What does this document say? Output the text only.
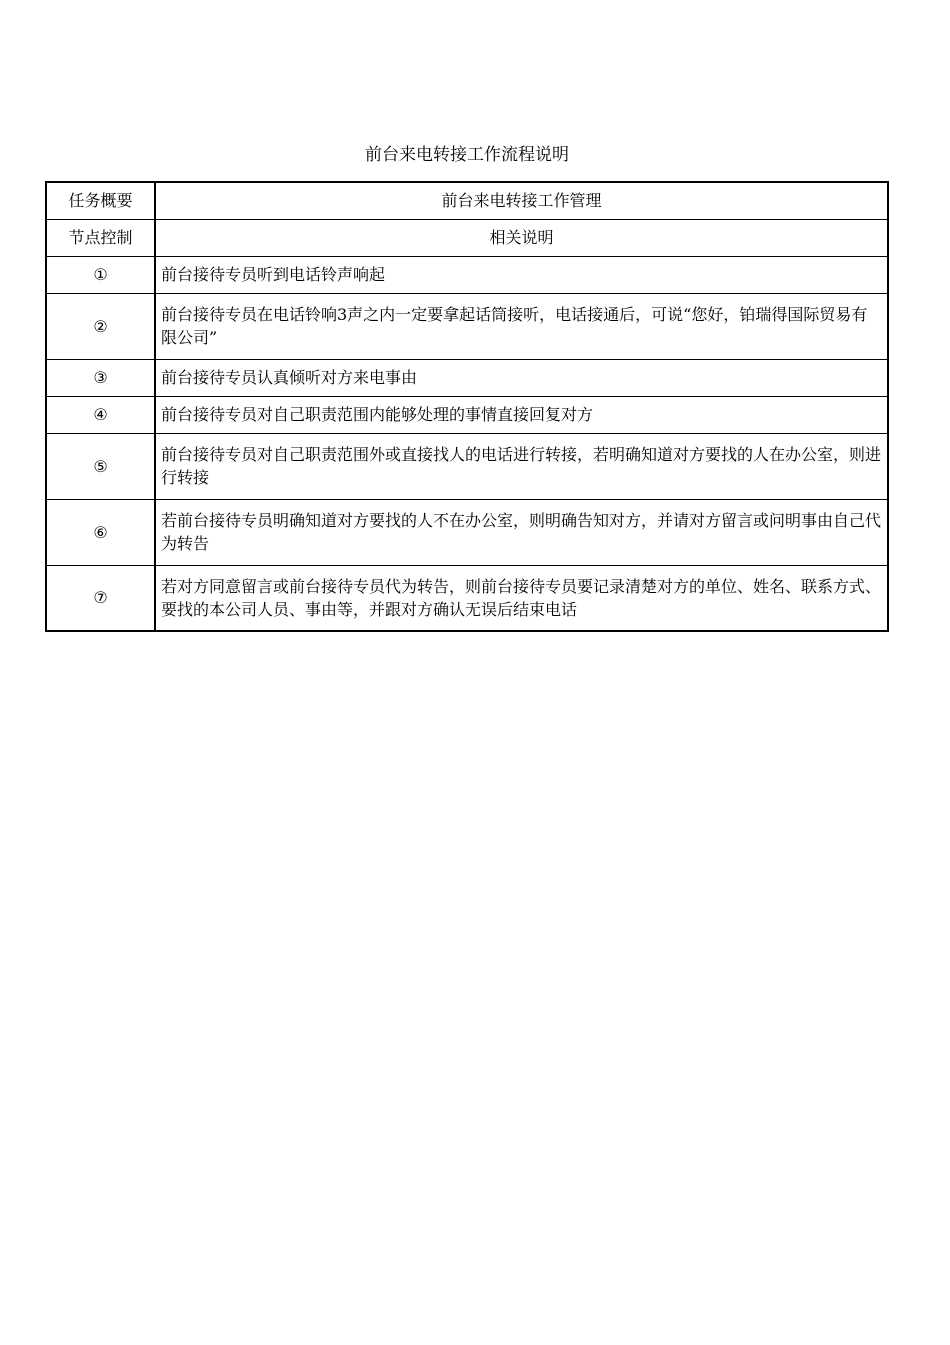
前台来电转接工作流程说明
任务概要	前台来电转接工作管理
节点控制	相关说明
①	前台接待专员听到电话铃声响起
②	前台接待专员在电话铃响3声之内一定要拿起话筒接听，电话接通后，可说“您好，铂瑞得国际贸易有限公司”
③	前台接待专员认真倾听对方来电事由
④	前台接待专员对自己职责范围内能够处理的事情直接回复对方
⑤	前台接待专员对自己职责范围外或直接找人的电话进行转接，若明确知道对方要找的人在办公室，则进行转接
⑥	若前台接待专员明确知道对方要找的人不在办公室，则明确告知对方，并请对方留言或问明事由自己代为转告
⑦	若对方同意留言或前台接待专员代为转告，则前台接待专员要记录清楚对方的单位、姓名、联系方式、要找的本公司人员、事由等，并跟对方确认无误后结束电话
